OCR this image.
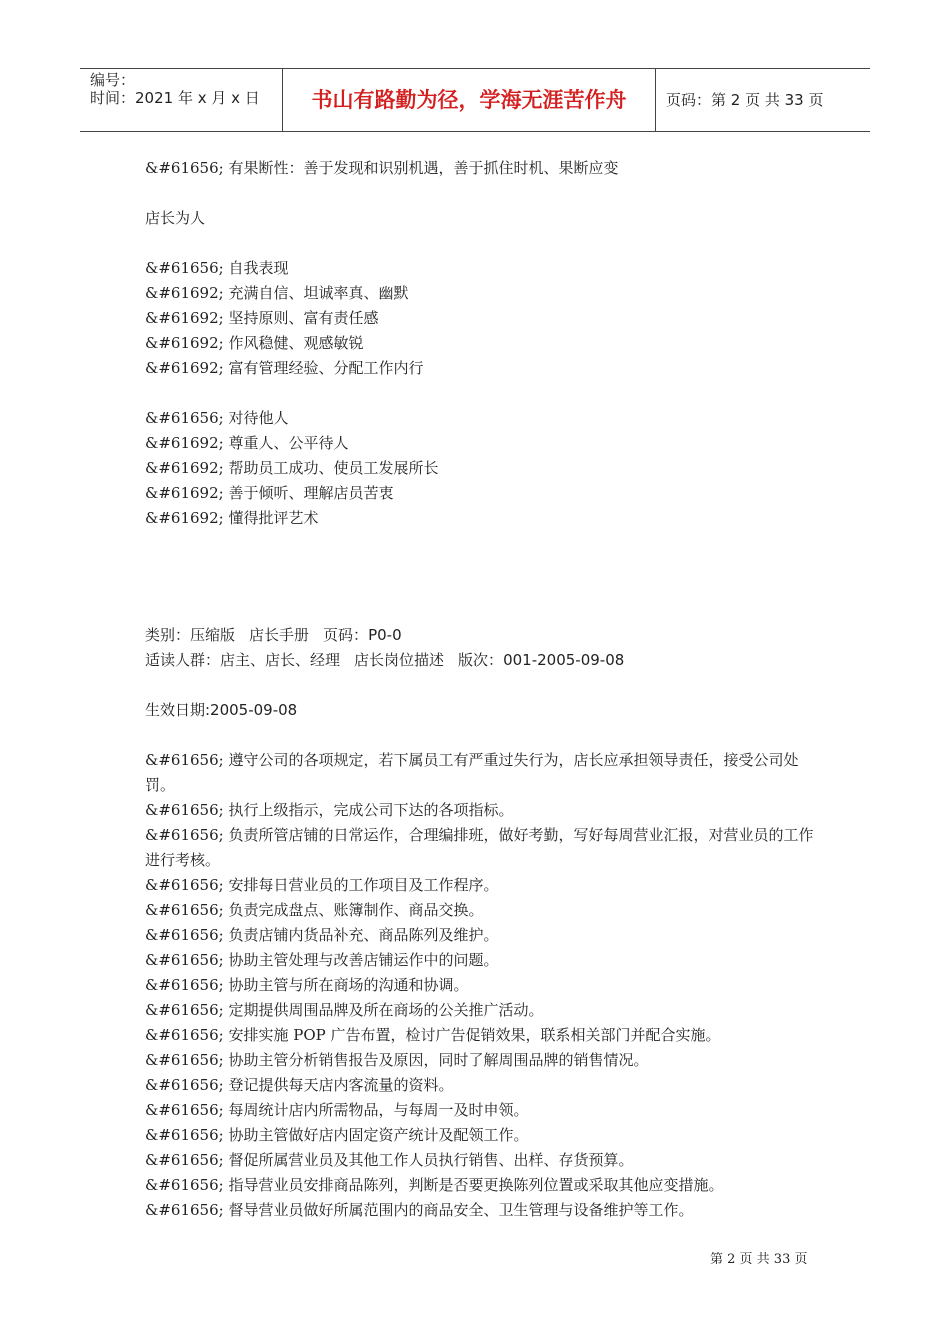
编号：
时间：2021 年 x 月 x 日	书山有路勤为径，学海无涯苦作舟	页码：第 2 页 共 33 页

&#61656; 有果断性：善于发现和识别机遇，善于抓住时机、果断应变

店长为人

&#61656; 自我表现

&#61692; 充满自信、坦诚率真、幽默

&#61692; 坚持原则、富有责任感

&#61692; 作风稳健、观感敏锐

&#61692; 富有管理经验、分配工作内行

&#61656; 对待他人

&#61692; 尊重人、公平待人

&#61692; 帮助员工成功、使员工发展所长

&#61692; 善于倾听、理解店员苦衷

&#61692; 懂得批评艺术

类别：压缩版 店长手册 页码：P0-0

适读人群：店主、店长、经理 店长岗位描述 版次：001-2005-09-08

生效日期:2005-09-08

&#61656; 遵守公司的各项规定，若下属员工有严重过失行为，店长应承担领导责任，接受公司处罚。

&#61656; 执行上级指示，完成公司下达的各项指标。

&#61656; 负责所管店铺的日常运作，合理编排班，做好考勤，写好每周营业汇报，对营业员的工作进行考核。

&#61656; 安排每日营业员的工作项目及工作程序。

&#61656; 负责完成盘点、账簿制作、商品交换。

&#61656; 负责店铺内货品补充、商品陈列及维护。

&#61656; 协助主管处理与改善店铺运作中的问题。

&#61656; 协助主管与所在商场的沟通和协调。

&#61656; 定期提供周围品牌及所在商场的公关推广活动。

&#61656; 安排实施 POP 广告布置，检讨广告促销效果，联系相关部门并配合实施。

&#61656; 协助主管分析销售报告及原因，同时了解周围品牌的销售情况。

&#61656; 登记提供每天店内客流量的资料。

&#61656; 每周统计店内所需物品，与每周一及时申领。

&#61656; 协助主管做好店内固定资产统计及配领工作。

&#61656; 督促所属营业员及其他工作人员执行销售、出样、存货预算。

&#61656; 指导营业员安排商品陈列，判断是否要更换陈列位置或采取其他应变措施。

&#61656; 督导营业员做好所属范围内的商品安全、卫生管理与设备维护等工作。

第 2 页 共 33 页
